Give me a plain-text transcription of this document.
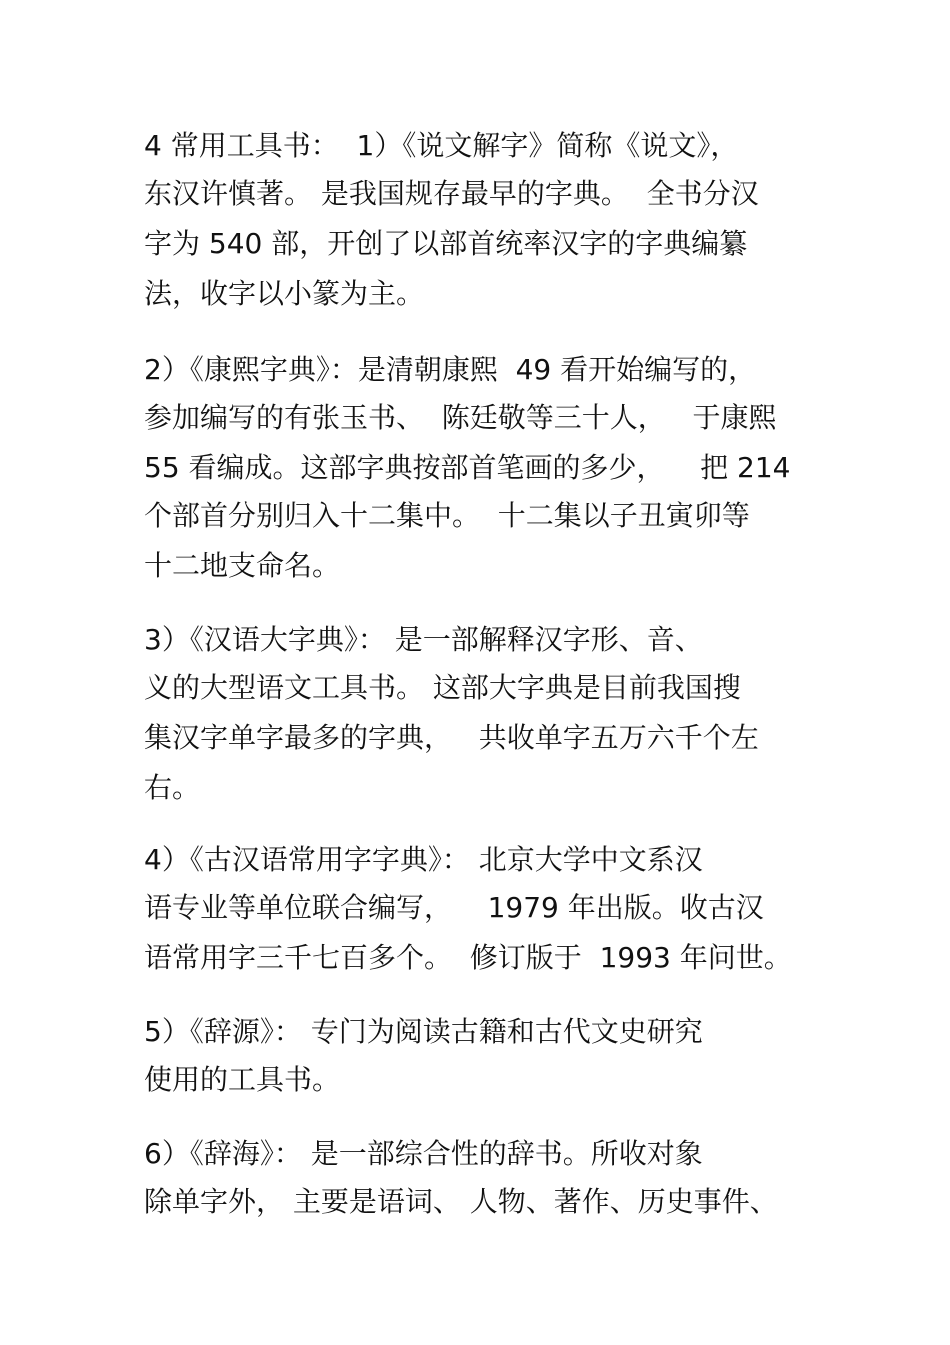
4 常用工具书：  1）《说文解字》简称《说文》，
东汉许慎著。 是我国规存最早的字典。  全书分汉
字为 540 部，开创了以部首统率汉字的字典编纂
法，收字以小篆为主。
2）《康熙字典》：是清朝康熙  49 看开始编写的，
参加编写的有张玉书、  陈廷敬等三十人，   于康熙
55 看编成。这部字典按部首笔画的多少，    把 214
个部首分别归入十二集中。  十二集以子丑寅卯等
十二地支命名。
3）《汉语大字典》： 是一部解释汉字形、音、
义的大型语文工具书。 这部大字典是目前我国搜
集汉字单字最多的字典，   共收单字五万六千个左
右。
4）《古汉语常用字字典》： 北京大学中文系汉
语专业等单位联合编写，    1979 年出版。收古汉
语常用字三千七百多个。  修订版于  1993 年问世。
5）《辞源》： 专门为阅读古籍和古代文史研究
使用的工具书。
6）《辞海》： 是一部综合性的辞书。所收对象
除单字外， 主要是语词、 人物、著作、历史事件、
